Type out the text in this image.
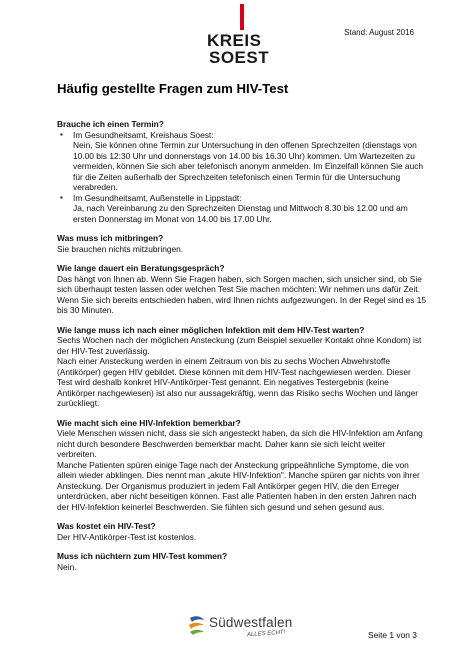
KREIS
SOEST
Stand: August 2016
Häufig gestellte Fragen zum HIV-Test

Brauche ich einen Termin?

▪ Im Gesundheitsamt, Kreishaus Soest:

Nein, Sie können ohne Termin zur Untersuchung in den offenen Sprechzeiten (dienstags von 10.00 bis 12:30 Uhr und donnerstags von 14.00 bis 16.30 Uhr) kommen. Um Wartezeiten zu vermeiden, können Sie sich aber telefonisch anonym anmelden. Im Einzelfall können Sie auch für die Zeiten außerhalb der Sprechzeiten telefonisch einen Termin für die Untersuchung verabreden.

▪ Im Gesundheitsamt, Außenstelle in Lippstadt:

Ja, nach Vereinbarung zu den Sprechzeiten Dienstag und Mittwoch 8.30 bis 12.00 und am ersten Donnerstag im Monat von 14.00 bis 17.00 Uhr.

Was muss ich mitbringen?

Sie brauchen nichts mitzubringen.

Wie lange dauert ein Beratungsgespräch?

Das hängt von Ihnen ab. Wenn Sie Fragen haben, sich Sorgen machen, sich unsicher sind, ob Sie sich überhaupt testen lassen oder welchen Test Sie machen möchten: Wir nehmen uns dafür Zeit. Wenn Sie sich bereits entschieden haben, wird Ihnen nichts aufgezwungen. In der Regel sind es 15 bis 30 Minuten.

Wie lange muss ich nach einer möglichen Infektion mit dem HIV-Test warten?

Sechs Wochen nach der möglichen Ansteckung (zum Beispiel sexueller Kontakt ohne Kondom) ist der HIV-Test zuverlässig.

Nach einer Ansteckung werden in einem Zeitraum von bis zu sechs Wochen Abwehrstoffe (Antikörper) gegen HIV gebildet. Diese können mit dem HIV-Test nachgewiesen werden. Dieser Test wird deshalb konkret HIV-Antikörper-Test genannt. Ein negatives Testergebnis (keine Antikörper nachgewiesen) ist also nur aussagekräftig, wenn das Risiko sechs Wochen und länger zurückliegt.

Wie macht sich eine HIV-Infektion bemerkbar?

Viele Menschen wissen nicht, dass sie sich angesteckt haben, da sich die HIV-Infektion am Anfang nicht durch besondere Beschwerden bemerkbar macht. Daher kann sie sich leicht weiter verbreiten.

Manche Patienten spüren einige Tage nach der Ansteckung grippeähnliche Symptome, die von allein wieder abklingen. Dies nennt man „akute HIV-Infektion". Manche spüren gar nichts von ihrer Ansteckung. Der Organismus produziert in jedem Fall Antikörper gegen HIV, die den Erreger unterdrücken, aber nicht beseitigen können. Fast alle Patienten haben in den ersten Jahren nach der HIV-Infektion keinerlei Beschwerden. Sie fühlen sich gesund und sehen gesund aus.

Was kostet ein HIV-Test?

Der HIV-Antikörper-Test ist kostenlos.

Muss ich nüchtern zum HIV-Test kommen?

Nein.

Südwestfalen
ALLES ECHT!	Seite 1 von 3
